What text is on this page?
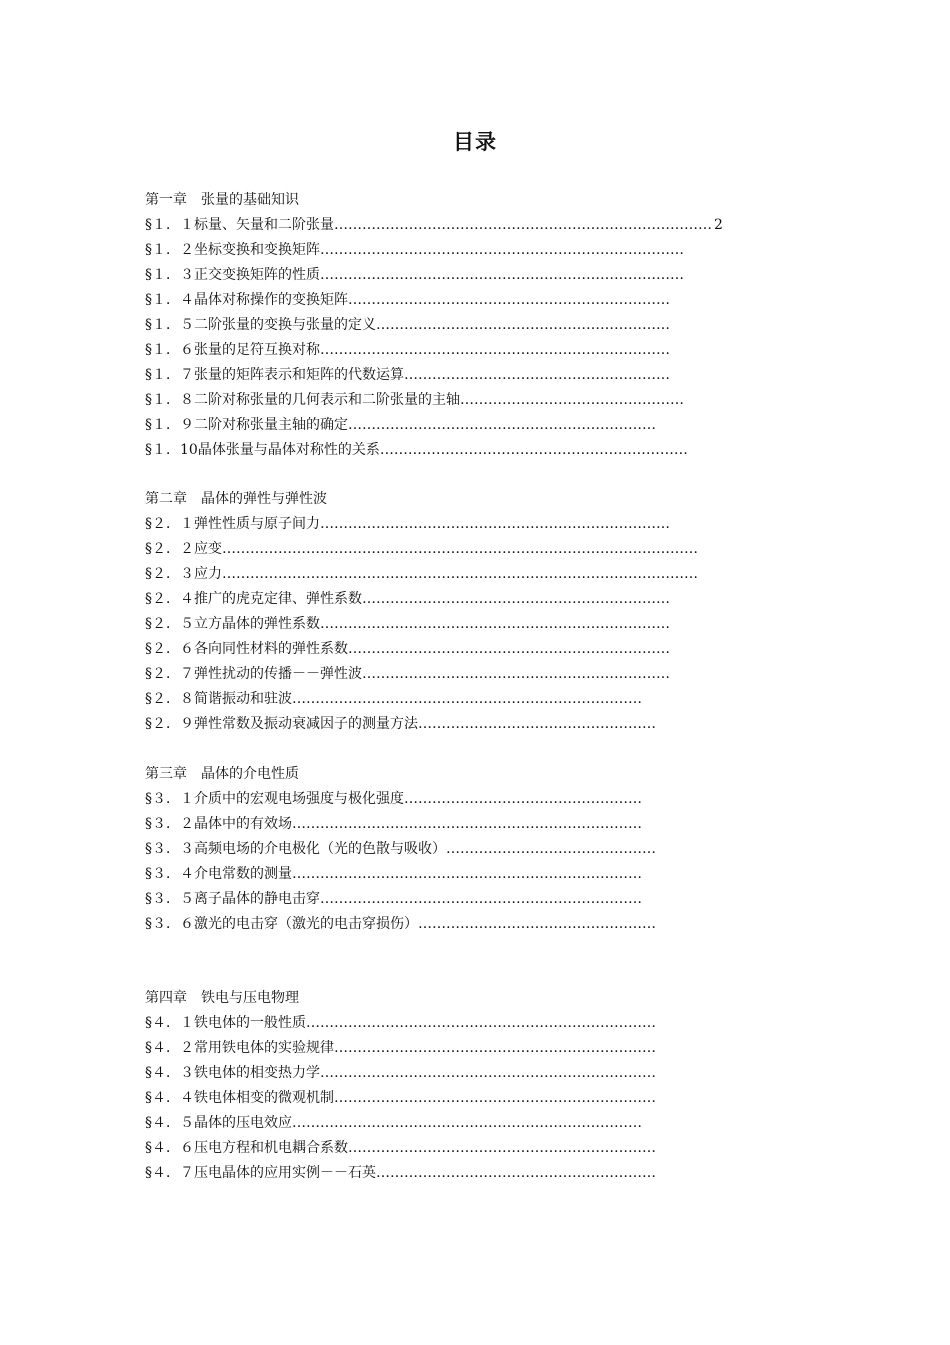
目录
第一章　张量的基础知识
§１．１标量、矢量和二阶张量……………………………………………………………………… 2
§１．２坐标变换和变换矩阵……………………………………………………………………
§１．３正交变换矩阵的性质……………………………………………………………………
§１．４晶体对称操作的变换矩阵……………………………………………………………
§１．５二阶张量的变换与张量的定义………………………………………………………
§１．６张量的足符互换对称…………………………………………………………………
§１．７张量的矩阵表示和矩阵的代数运算…………………………………………………
§１．８二阶对称张量的几何表示和二阶张量的主轴…………………………………………
§１．９二阶对称张量主轴的确定…………………………………………………………
§１．10晶体张量与晶体对称性的关系…………………………………………………………
第二章　晶体的弹性与弹性波
§２．１弹性性质与原子间力…………………………………………………………………
§２．２应变…………………………………………………………………………………………
§２．３应力…………………………………………………………………………………………
§２．４推广的虎克定律、弹性系数…………………………………………………………
§２．５立方晶体的弹性系数…………………………………………………………………
§２．６各向同性材料的弹性系数……………………………………………………………
§２．７弹性扰动的传播－－弹性波…………………………………………………………
§２．８简谐振动和驻波…………………………………………………………………
§２．９弹性常数及振动衰减因子的测量方法……………………………………………
第三章　晶体的介电性质
§３．１介质中的宏观电场强度与极化强度……………………………………………
§３．２晶体中的有效场…………………………………………………………………
§３．３高频电场的介电极化（光的色散与吸收）………………………………………
§３．４介电常数的测量…………………………………………………………………
§３．５离子晶体的静电击穿……………………………………………………………
§３．６激光的电击穿（激光的电击穿损伤）……………………………………………
第四章　铁电与压电物理
§４．１铁电体的一般性质…………………………………………………………………
§４．２常用铁电体的实验规律……………………………………………………………
§４．３铁电体的相变热力学………………………………………………………………
§４．４铁电体相变的微观机制……………………………………………………………
§４．５晶体的压电效应…………………………………………………………………
§４．６压电方程和机电耦合系数…………………………………………………………
§４．７压电晶体的应用实例－－石英……………………………………………………
